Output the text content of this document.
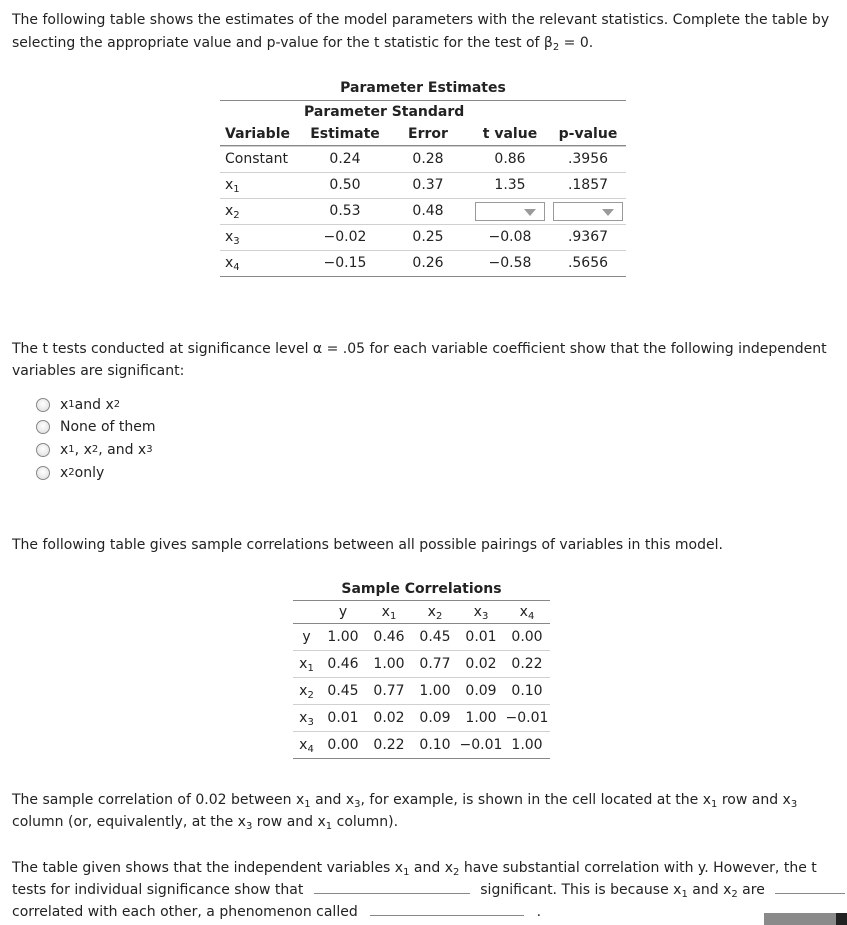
The following table shows the estimates of the model parameters with the relevant statistics. Complete the table by
selecting the appropriate value and p-value for the t statistic for the test of $\beta_2 = 0$.
Parameter Estimates
Parameter Standard
Variable	Estimate	Error	t value	p-value
Constant	0.24	0.28	0.86	.3956
$x_1$	0.50	0.37	1.35	.1857
$x_2$	0.53	0.48
$x_3$	−0.02	0.25	−0.08	.9367
$x_4$	−0.15	0.26	−0.58	.5656
The t tests conducted at significance level α = .05 for each variable coefficient show that the following independent
variables are significant:
x 1 and x 2
None of them
x 1 , x 2 , and x 3
x 2 only
The following table gives sample correlations between all possible pairings of variables in this model.
Sample Correlations
y	$x_1$	$x_2$	$x_3$	$x_4$
y	1.00	0.46	0.45	0.01	0.00
$x_1$ 0.46	1.00	0.77	0.02	0.22
$x_2$ 0.45	0.77	1.00	0.09	0.10
$x_3$ 0.01	0.02	0.09	1.00 −0.01
$x_4$ 0.00	0.22	0.10 −0.01 1.00
The sample correlation of 0.02 between $x_1$ and $x_3$, for example, is shown in the cell located at the $x_1$ row and $x_3$
column (or, equivalently, at the $x_3$ row and $x_1$ column).
The table given shows that the independent variables $x_1$ and $x_2$ have substantial correlation with y. However, the t
tests for individual significance show that	significant. This is because $x_1$ and $x_2$ are
correlated with each other, a phenomenon called	.
